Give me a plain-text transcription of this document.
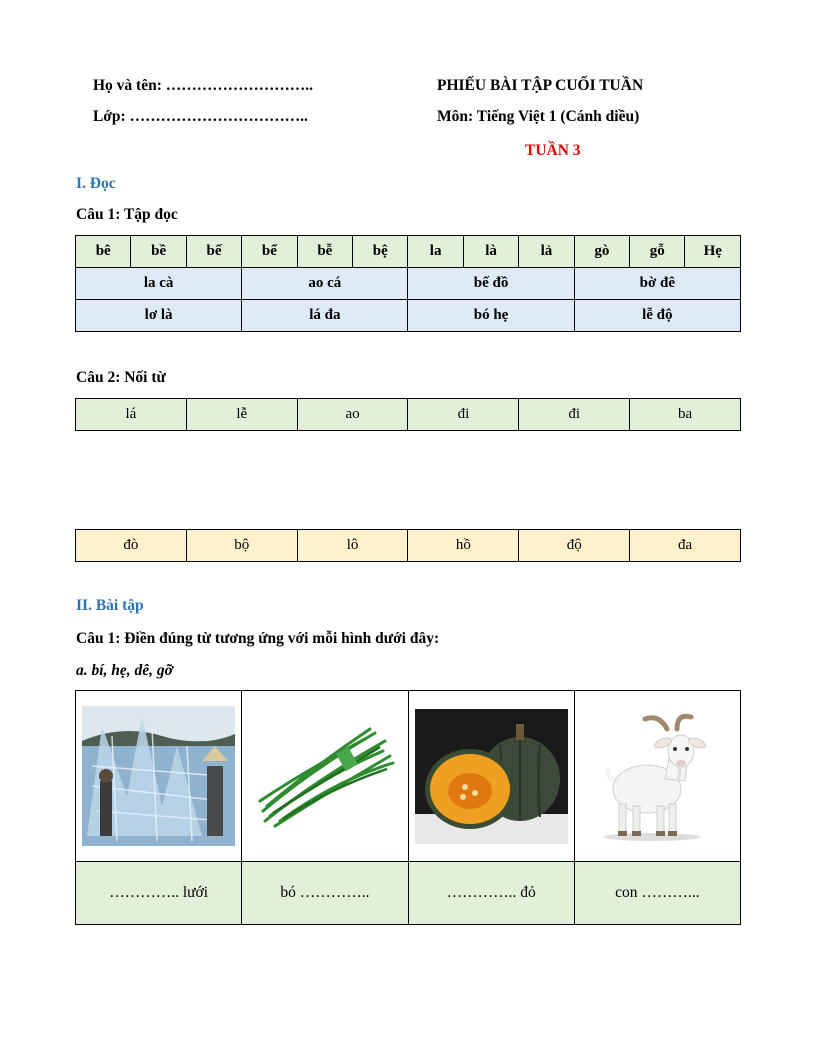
Họ và tên: ………………………..
Lớp: ……………………………..
PHIẾU BÀI TẬP CUỐI TUẦN
Môn: Tiếng Việt 1 (Cánh diều)
TUẦN 3
I. Đọc
Câu 1: Tập đọc
bê	bề	bế	bể	bễ	bệ	la	là	lả	gò	gỗ	Hẹ
la cà			ao cá			bế đồ			bờ đê		
lơ là			lá đa			bó hẹ			lễ độ		
Câu 2: Nối từ
lá	lễ	ao	đi	đi	ba
đò	bộ	lô	hồ	độ	đa
II. Bài tập
Câu 1: Điền đúng từ tương ứng với mỗi hình dưới đây:
a. bí, hẹ, dê, gỡ

………….. lưới	bó …………..	………….. đỏ	con ………...
